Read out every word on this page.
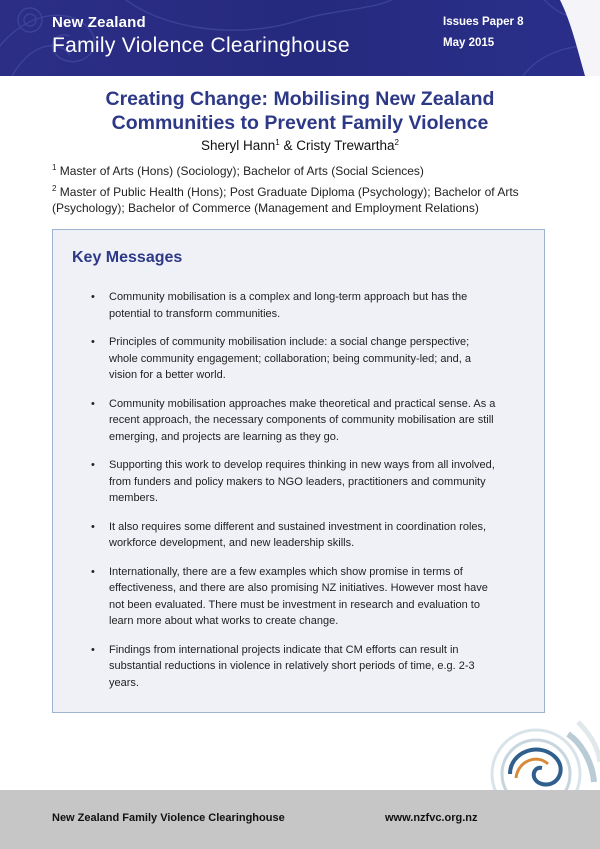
New Zealand
Family Violence Clearinghouse
Issues Paper 8
May 2015
Creating Change: Mobilising New Zealand
Communities to Prevent Family Violence
Sheryl Hann$^1$ & Cristy Trewartha$^2$
$^1$ Master of Arts (Hons) (Sociology); Bachelor of Arts (Social Sciences)
$^2$ Master of Public Health (Hons); Post Graduate Diploma (Psychology); Bachelor of Arts (Psychology); Bachelor of Commerce (Management and Employment Relations)
Key Messages
• Community mobilisation is a complex and long-term approach but has the potential to transform communities.
• Principles of community mobilisation include: a social change perspective; whole community engagement; collaboration; being community-led; and, a vision for a better world.
• Community mobilisation approaches make theoretical and practical sense. As a recent approach, the necessary components of community mobilisation are still emerging, and projects are learning as they go.
• Supporting this work to develop requires thinking in new ways from all involved, from funders and policy makers to NGO leaders, practitioners and community members.
• It also requires some different and sustained investment in coordination roles, workforce development, and new leadership skills.
• Internationally, there are a few examples which show promise in terms of effectiveness, and there are also promising NZ initiatives. However most have not been evaluated. There must be investment in research and evaluation to learn more about what works to create change.
• Findings from international projects indicate that CM efforts can result in substantial reductions in violence in relatively short periods of time, e.g. 2-3 years.
New Zealand Family Violence Clearinghouse	www.nzfvc.org.nz
